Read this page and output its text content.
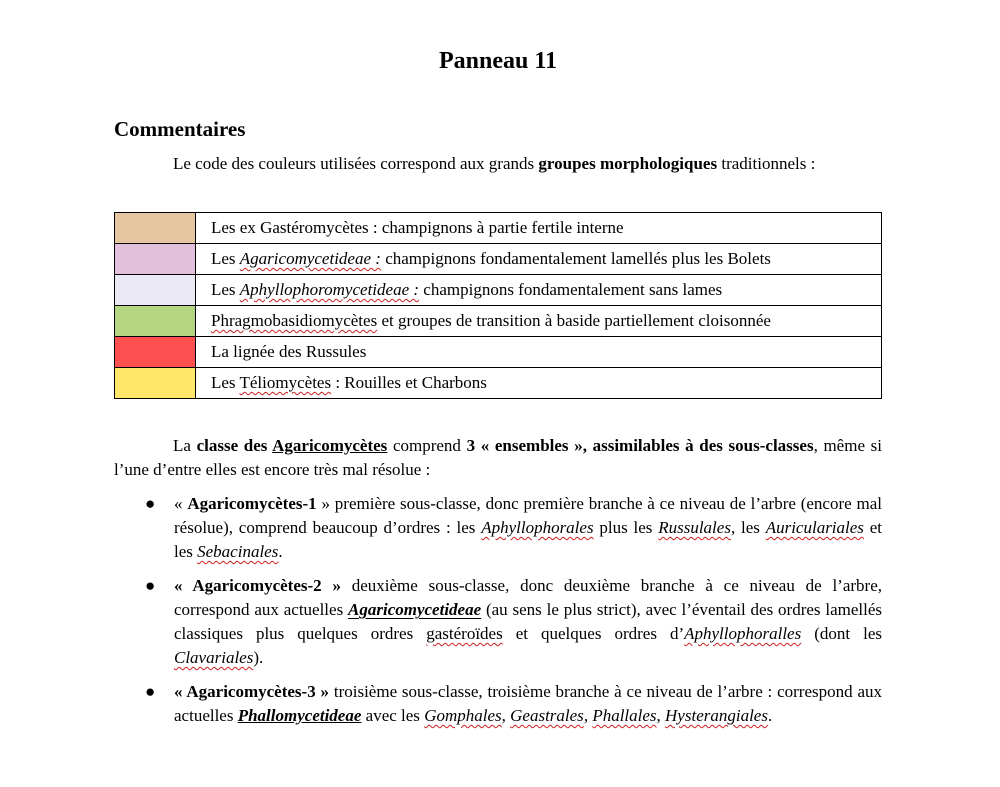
Panneau 11
Commentaires
Le code des couleurs utilisées correspond aux grands groupes morphologiques traditionnels :
	Les ex Gastéromycètes : champignons à partie fertile interne
	Les Agaricomycetideae : champignons fondamentalement lamellés plus les Bolets
	Les Aphyllophoromycetideae : champignons fondamentalement sans lames
	Phragmobasidiomycètes et groupes de transition à baside partiellement cloisonnée
	La lignée des Russules
	Les Téliomycètes : Rouilles et Charbons
La classe des Agaricomycètes comprend 3 « ensembles », assimilables à des sous-classes, même si l’une d’entre elles est encore très mal résolue :
● « Agaricomycètes-1 » première sous-classe, donc première branche à ce niveau de l’arbre (encore mal résolue), comprend beaucoup d’ordres : les Aphyllophorales plus les Russulales, les Auriculariales et les Sebacinales.
● « Agaricomycètes-2 » deuxième sous-classe, donc deuxième branche à ce niveau de l’arbre, correspond aux actuelles Agaricomycetideae (au sens le plus strict), avec l’éventail des ordres lamellés classiques plus quelques ordres gastéroïdes et quelques ordres d’Aphyllophoralles (dont les Clavariales).
● « Agaricomycètes-3 » troisième sous-classe, troisième branche à ce niveau de l’arbre : correspond aux actuelles Phallomycetideae avec les Gomphales, Geastrales, Phallales, Hysterangiales.
